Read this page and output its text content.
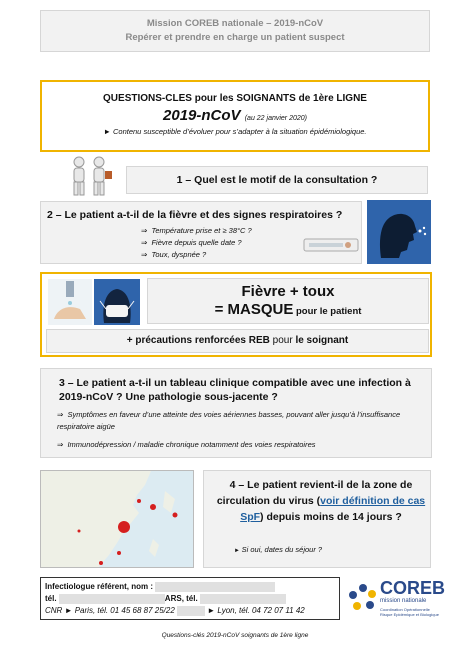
Mission COREB nationale – 2019-nCoV
Repérer et prendre en charge un patient suspect
QUESTIONS-CLES pour les SOIGNANTS de 1ère LIGNE
2019-nCoV (au 22 janvier 2020)
► Contenu susceptible d’évoluer pour s’adapter à la situation épidémiologique.
1 – Quel est le motif de la consultation ?
2 – Le patient a-t-il de la fièvre et des signes respiratoires ?
⇒  Température prise et ≥ 38°C ?
⇒  Fièvre depuis quelle date ?
⇒  Toux, dyspnée ?
Fièvre + toux
= MASQUE pour le patient
+ précautions renforcées REB pour le soignant
3 – Le patient a-t-il un tableau clinique compatible avec une infection à 2019-nCoV ? Une pathologie sous-jacente ?
⇒  Symptômes en faveur d’une atteinte des voies aériennes basses, pouvant aller jusqu’à l’insuffisance respiratoire aigüe
⇒  Immunodépression / maladie chronique notamment des voies respiratoires
4 – Le patient revient-il de la zone de circulation du virus (voir définition de cas SpF) depuis moins de 14 jours ?
► Si oui, dates du séjour ?
Infectiologue référent, nom :
tél.	ARS, tél.
CNR ► Paris, tél. 01 45 68 87 25/22	► Lyon, tél. 04 72 07 11 42
COREB
mission nationale
Coordination Opérationnelle Risque Epidémique et Biologique
Questions-clés 2019-nCoV soignants de 1ère ligne
